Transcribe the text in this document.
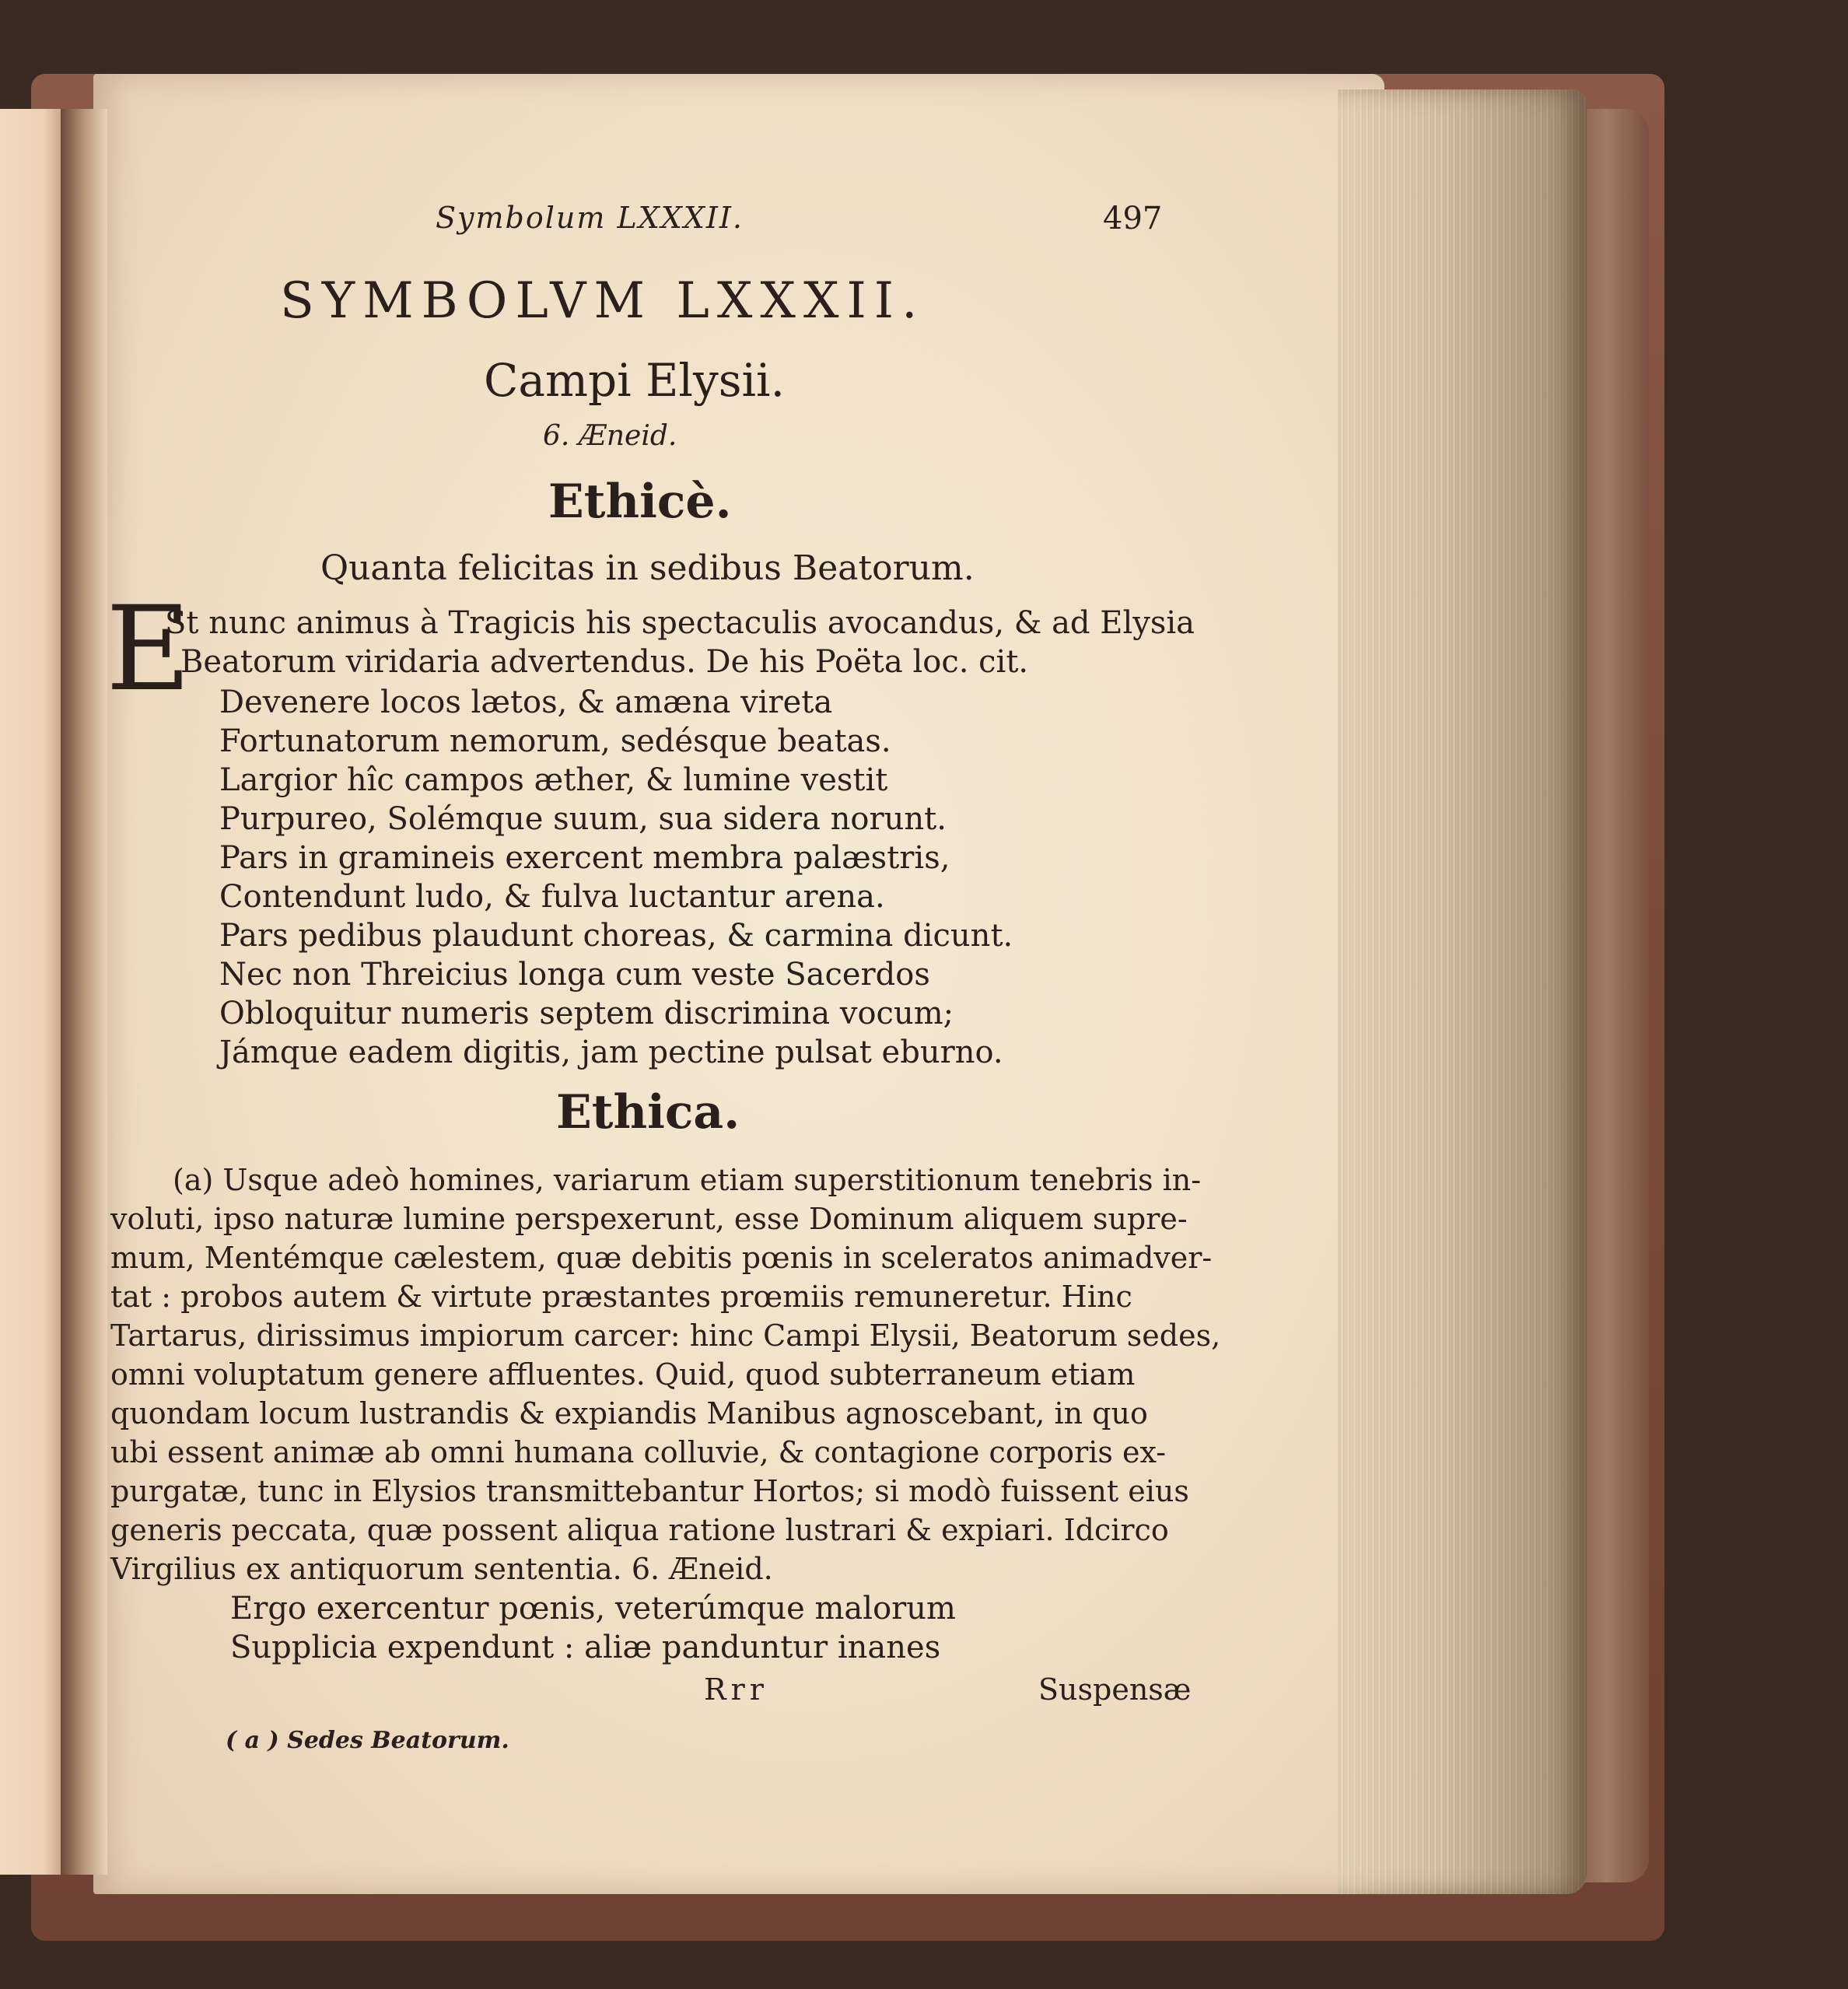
Symbolum LXXXII.	497
SYMBOLVM LXXXII.
Campi Elysii.
6. Æneid.
Ethicè.
Quanta felicitas in sedibus Beatorum.
E
St nunc animus à Tragicis his spectaculis avocandus, & ad Elysia
Beatorum viridaria advertendus. De his Poëta loc. cit.
Devenere locos lætos, & amæna vireta
Fortunatorum nemorum, sedésque beatas.
Largior hîc campos æther, & lumine vestit
Purpureo, Solémque suum, sua sidera norunt.
Pars in gramineis exercent membra palæstris,
Contendunt ludo, & fulva luctantur arena.
Pars pedibus plaudunt choreas, & carmina dicunt.
Nec non Threicius longa cum veste Sacerdos
Obloquitur numeris septem discrimina vocum;
Jámque eadem digitis, jam pectine pulsat eburno.
Ethica.
(a) Usque adeò homines, variarum etiam superstitionum tenebris in-
voluti, ipso naturæ lumine perspexerunt, esse Dominum aliquem supre-
mum, Mentémque cælestem, quæ debitis pœnis in sceleratos animadver-
tat : probos autem & virtute præstantes prœmiis remuneretur. Hinc
Tartarus, dirissimus impiorum carcer: hinc Campi Elysii, Beatorum sedes,
omni voluptatum genere affluentes. Quid, quod subterraneum etiam
quondam locum lustrandis & expiandis Manibus agnoscebant, in quo
ubi essent animæ ab omni humana colluvie, & contagione corporis ex-
purgatæ, tunc in Elysios transmittebantur Hortos; si modò fuissent eius
generis peccata, quæ possent aliqua ratione lustrari & expiari. Idcirco
Virgilius ex antiquorum sententia. 6. Æneid.
Ergo exercentur pœnis, veterúmque malorum
Supplicia expendunt : aliæ panduntur inanes
Rrr	Suspensæ
( a ) Sedes Beatorum.
